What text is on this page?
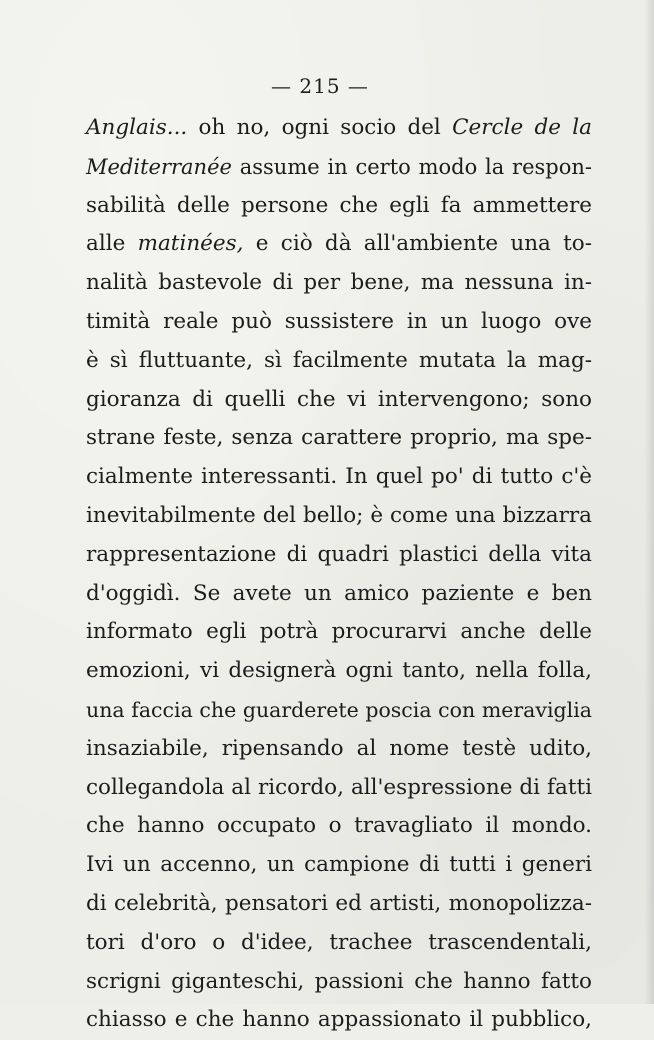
— 215 —
Anglais... oh no, ogni socio del Cercle de la
Mediterranée assume in certo modo la respon-
sabilità delle persone che egli fa ammettere
alle matinées, e ciò dà all'ambiente una to-
nalità bastevole di per bene, ma nessuna in-
timità reale può sussistere in un luogo ove
è sì fluttuante, sì facilmente mutata la mag-
gioranza di quelli che vi intervengono; sono
strane feste, senza carattere proprio, ma spe-
cialmente interessanti. In quel po' di tutto c'è
inevitabilmente del bello; è come una bizzarra
rappresentazione di quadri plastici della vita
d'oggidì. Se avete un amico paziente e ben
informato egli potrà procurarvi anche delle
emozioni, vi designerà ogni tanto, nella folla,
una faccia che guarderete poscia con meraviglia
insaziabile, ripensando al nome testè udito,
collegandola al ricordo, all'espressione di fatti
che hanno occupato o travagliato il mondo.
Ivi un accenno, un campione di tutti i generi
di celebrità, pensatori ed artisti, monopolizza-
tori d'oro o d'idee, trachee trascendentali,
scrigni giganteschi, passioni che hanno fatto
chiasso e che hanno appassionato il pubblico,
